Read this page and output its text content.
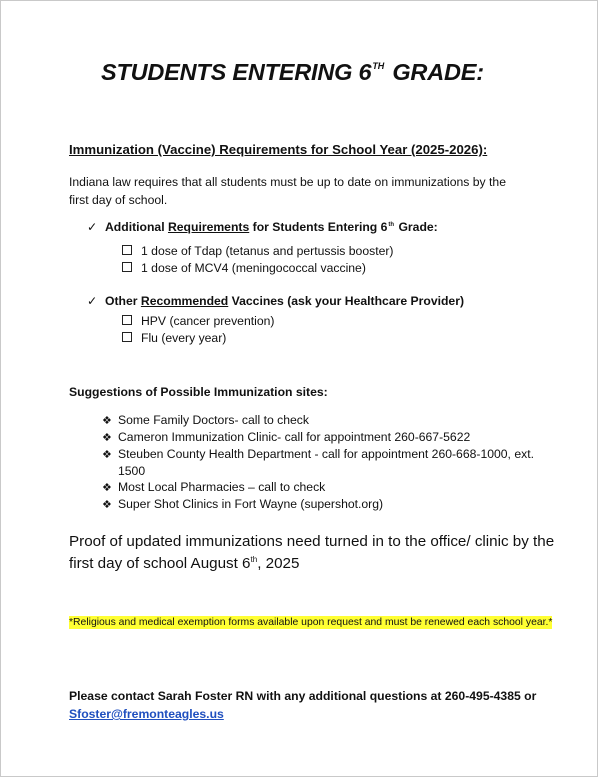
STUDENTS ENTERING 6TH GRADE:
Immunization (Vaccine) Requirements for School Year (2025-2026):
Indiana law requires that all students must be up to date on immunizations by the first day of school.
✓ Additional Requirements for Students Entering 6th Grade:
1 dose of Tdap (tetanus and pertussis booster)
1 dose of MCV4 (meningococcal vaccine)
✓ Other Recommended Vaccines (ask your Healthcare Provider)
HPV (cancer prevention)
Flu (every year)
Suggestions of Possible Immunization sites:
❖ Some Family Doctors- call to check
❖ Cameron Immunization Clinic- call for appointment 260-667-5622
❖ Steuben County Health Department - call for appointment 260-668-1000, ext. 1500
❖ Most Local Pharmacies – call to check
❖ Super Shot Clinics in Fort Wayne (supershot.org)
Proof of updated immunizations need turned in to the office/ clinic by the first day of school August 6th, 2025
*Religious and medical exemption forms available upon request and must be renewed each school year.*
Please contact Sarah Foster RN with any additional questions at 260-495-4385 or
Sfoster@fremonteagles.us
